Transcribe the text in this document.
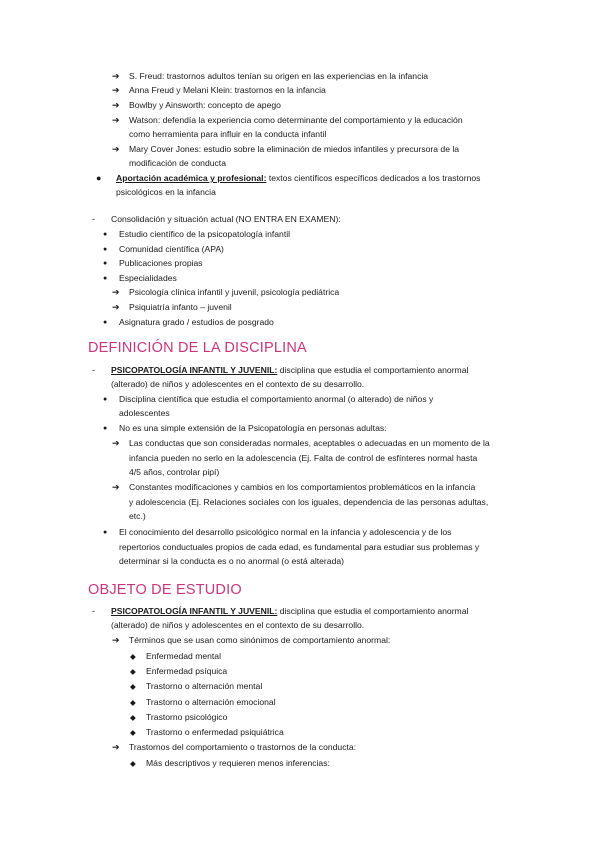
➔ S. Freud: trastornos adultos tenían su origen en las experiencias en la infancia
➔ Anna Freud y Melani Klein: trastornos en la infancia
➔ Bowlby y Ainsworth: concepto de apego
➔ Watson: defendía la experiencia como determinante del comportamiento y la educación
como herramienta para influir en la conducta infantil
➔ Mary Cover Jones: estudio sobre la eliminación de miedos infantiles y precursora de la
modificación de conducta
● Aportación académica y profesional: textos científicos específicos dedicados a los trastornos
psicológicos en la infancia
- Consolidación y situación actual (NO ENTRA EN EXAMEN):
● Estudio científico de la psicopatología infantil
● Comunidad científica (APA)
● Publicaciones propias
● Especialidades
➔ Psicología clínica infantil y juvenil, psicología pediátrica
➔ Psiquiatría infanto – juvenil
● Asignatura grado / estudios de posgrado
DEFINICIÓN DE LA DISCIPLINA
- PSICOPATOLOGÍA INFANTIL Y JUVENIL: disciplina que estudia el comportamiento anormal
(alterado) de niños y adolescentes en el contexto de su desarrollo.
● Disciplina científica que estudia el comportamiento anormal (o alterado) de niños y
adolescentes
● No es una simple extensión de la Psicopatología en personas adultas:
➔ Las conductas que son consideradas normales, aceptables o adecuadas en un momento de la
infancia pueden no serlo en la adolescencia (Ej. Falta de control de esfínteres normal hasta
4/5 años, controlar pipí)
➔ Constantes modificaciones y cambios en los comportamientos problemáticos en la infancia
y adolescencia (Ej. Relaciones sociales con los iguales, dependencia de las personas adultas,
etc.)
● El conocimiento del desarrollo psicológico normal en la infancia y adolescencia y de los
repertorios conductuales propios de cada edad, es fundamental para estudiar sus problemas y
determinar si la conducta es o no anormal (o está alterada)
OBJETO DE ESTUDIO
- PSICOPATOLOGÍA INFANTIL Y JUVENIL: disciplina que estudia el comportamiento anormal
(alterado) de niños y adolescentes en el contexto de su desarrollo.
➔ Términos que se usan como sinónimos de comportamiento anormal:
◆ Enfermedad mental
◆ Enfermedad psíquica
◆ Trastorno o alternación mental
◆ Trastorno o alternación emocional
◆ Trastorno psicológico
◆ Trastorno o enfermedad psiquiátrica
➔ Trastornos del comportamiento o trastornos de la conducta:
◆ Más descriptivos y requieren menos inferencias:
